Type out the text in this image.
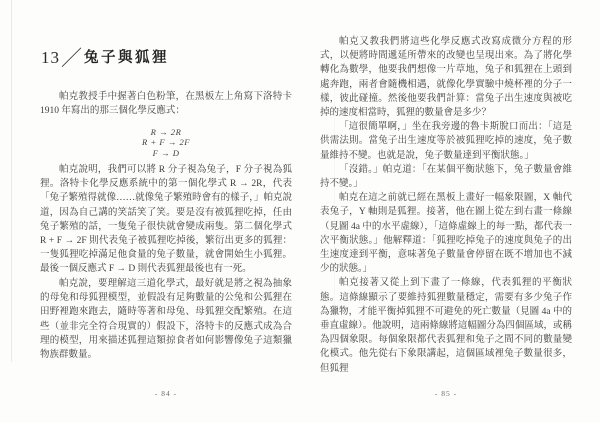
13／ 兔子與狐狸

帕克教授手中握著白色粉筆，在黑板左上角寫下洛特卡1910 年寫出的那三個化學反應式：

R → 2R
R + F → 2F
F → D

帕克說明，我們可以將 R 分子視為兔子，F 分子視為狐狸。洛特卡化學反應系統中的第一個化學式 R → 2R，代表「兔子繁殖得就像……就像兔子繁殖時會有的樣子，」帕克說道，因為自己講的笑話笑了笑。要是沒有被狐狸吃掉，任由兔子繁殖的話，一隻兔子很快就會變成兩隻。第二個化學式 R + F → 2F 則代表兔子被狐狸吃掉後，繁衍出更多的狐狸：一隻狐狸吃掉滿足他食量的兔子數量，就會開始生小狐狸。最後一個反應式 F → D 則代表狐狸最後也有一死。

帕克說，要理解這三道化學式，最好就是將之視為抽象的母兔和母狐狸模型，並假設有足夠數量的公兔和公狐狸在田野裡跑來跑去，隨時等著和母兔、母狐狸交配繁殖。在這些（並非完全符合現實的）假設下，洛特卡的反應式成為合理的模型，用來描述狐狸這類掠食者如何影響像兔子這類獵物族群數量。

- 84 -

帕克又教我們將這些化學反應式改寫成微分方程的形式，以便將時間遞延所帶來的改變也呈現出來。為了將化學轉化為數學，他要我們想像一片草地，兔子和狐狸在上頭到處奔跑，兩者會隨機相遇，就像化學實驗中燒杯裡的分子一樣，彼此碰撞。然後他要我們計算：當兔子出生速度與被吃掉的速度相當時，狐狸的數量會是多少？

「這很簡單啊，」坐在我旁邊的魯卡斯脫口而出：「這是供需法則。當兔子出生速度等於被狐狸吃掉的速度，兔子數量維持不變。也就是說，兔子數量達到平衡狀態。」

「沒錯。」帕克道：「在某個平衡狀態下，兔子數量會維持不變。」

帕克在這之前就已經在黑板上畫好一幅象限圖，X 軸代表兔子，Y 軸則是狐狸。接著，他在圖上從左到右畫一條線（見圖 4a 中的水平虛線），「這條虛線上的每一點，都代表一次平衡狀態。」他解釋道：「狐狸吃掉兔子的速度與兔子的出生速度達到平衡，意味著兔子數量會停留在既不增加也不減少的狀態。」

帕克接著又從上到下畫了一條線，代表狐狸的平衡狀態。這條線顯示了要維持狐狸數量穩定，需要有多少兔子作為獵物，才能平衡掉狐狸不可避免的死亡數量（見圖 4a 中的垂直虛線）。他說明，這兩條線將這幅圖分為四個區域，或稱為四個象限。每個象限都代表狐狸和兔子之間不同的數量變化模式。他先從右下象限講起，這個區域裡兔子數量很多，但狐狸

- 85 -
